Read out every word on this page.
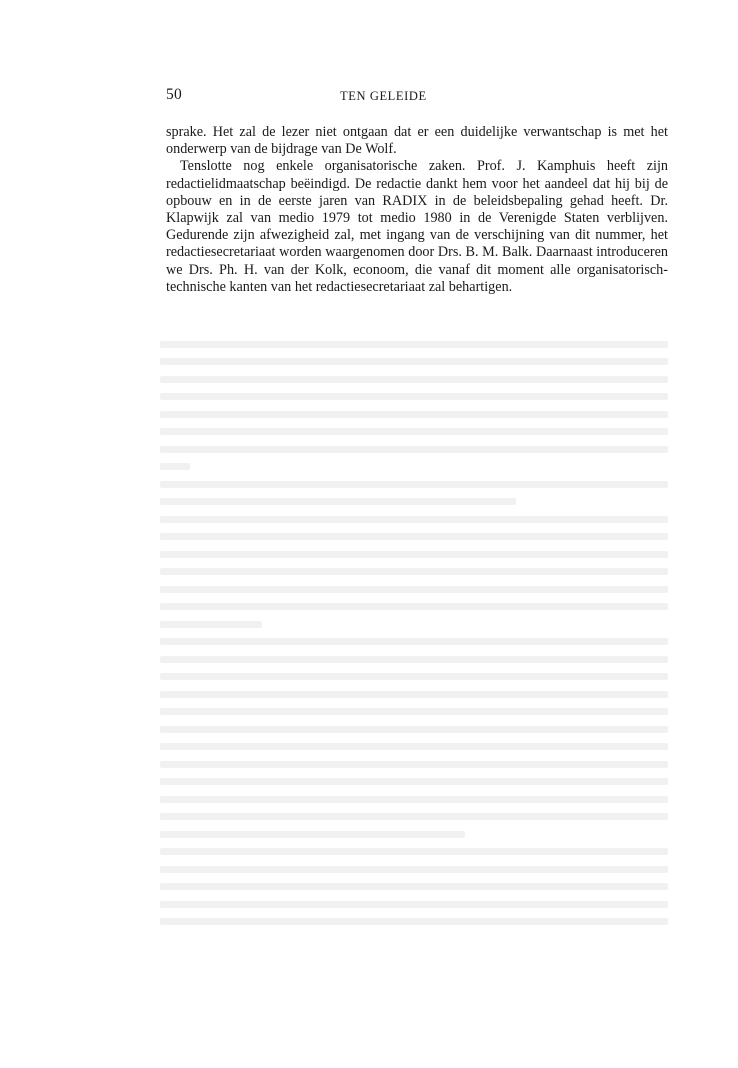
50	TEN GELEIDE

sprake. Het zal de lezer niet ontgaan dat er een duidelijke verwantschap is met het onderwerp van de bijdrage van De Wolf.

Tenslotte nog enkele organisatorische zaken. Prof. J. Kamphuis heeft zijn redactielidmaatschap beëindigd. De redactie dankt hem voor het aandeel dat hij bij de opbouw en in de eerste jaren van RADIX in de beleidsbepaling gehad heeft. Dr. Klapwijk zal van medio 1979 tot medio 1980 in de Verenigde Staten verblijven. Gedurende zijn afwezigheid zal, met ingang van de verschijning van dit nummer, het redactiesecretariaat worden waargenomen door Drs. B. M. Balk. Daarnaast introduceren we Drs. Ph. H. van der Kolk, econoom, die vanaf dit moment alle organisatorisch-technische kanten van het redactiesecretariaat zal behartigen.
